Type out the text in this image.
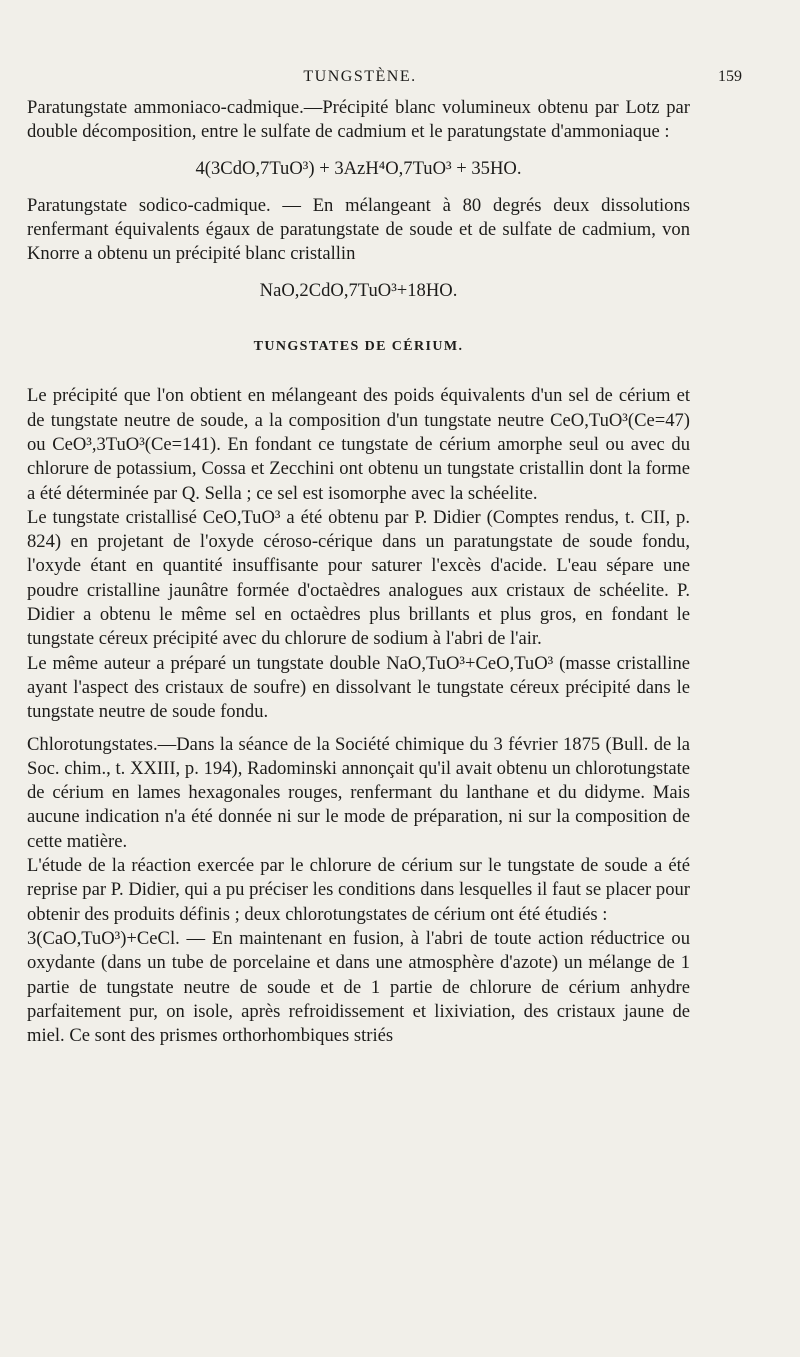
TUNGSTÈNE.	159

Paratungstate ammoniaco-cadmique.—Précipité blanc volumineux obtenu par Lotz par double décomposition, entre le sulfate de cadmium et le paratungstate d'ammoniaque :

4(3CdO,7TuO³) + 3AzH⁴O,7TuO³ + 35HO.

Paratungstate sodico-cadmique. — En mélangeant à 80 degrés deux dissolutions renfermant équivalents égaux de paratungstate de soude et de sulfate de cadmium, von Knorre a obtenu un précipité blanc cristallin

NaO,2CdO,7TuO³+18HO.

TUNGSTATES DE CÉRIUM.

Le précipité que l'on obtient en mélangeant des poids équivalents d'un sel de cérium et de tungstate neutre de soude, a la composition d'un tungstate neutre CeO,TuO³(Ce=47) ou CeO³,3TuO³(Ce=141). En fondant ce tungstate de cérium amorphe seul ou avec du chlorure de potassium, Cossa et Zecchini ont obtenu un tungstate cristallin dont la forme a été déterminée par Q. Sella ; ce sel est isomorphe avec la schéelite.

Le tungstate cristallisé CeO,TuO³ a été obtenu par P. Didier (Comptes rendus, t. CII, p. 824) en projetant de l'oxyde céroso-cérique dans un paratungstate de soude fondu, l'oxyde étant en quantité insuffisante pour saturer l'excès d'acide. L'eau sépare une poudre cristalline jaunâtre formée d'octaèdres analogues aux cristaux de schéelite. P. Didier a obtenu le même sel en octaèdres plus brillants et plus gros, en fondant le tungstate céreux précipité avec du chlorure de sodium à l'abri de l'air.

Le même auteur a préparé un tungstate double NaO,TuO³+CeO,TuO³ (masse cristalline ayant l'aspect des cristaux de soufre) en dissolvant le tungstate céreux précipité dans le tungstate neutre de soude fondu.

Chlorotungstates.—Dans la séance de la Société chimique du 3 février 1875 (Bull. de la Soc. chim., t. XXIII, p. 194), Radominski annonçait qu'il avait obtenu un chlorotungstate de cérium en lames hexagonales rouges, renfermant du lanthane et du didyme. Mais aucune indication n'a été donnée ni sur le mode de préparation, ni sur la composition de cette matière.

L'étude de la réaction exercée par le chlorure de cérium sur le tungstate de soude a été reprise par P. Didier, qui a pu préciser les conditions dans lesquelles il faut se placer pour obtenir des produits définis ; deux chlorotungstates de cérium ont été étudiés :

3(CaO,TuO³)+CeCl. — En maintenant en fusion, à l'abri de toute action réductrice ou oxydante (dans un tube de porcelaine et dans une atmosphère d'azote) un mélange de 1 partie de tungstate neutre de soude et de 1 partie de chlorure de cérium anhydre parfaitement pur, on isole, après refroidissement et lixiviation, des cristaux jaune de miel. Ce sont des prismes orthorhombiques striés
